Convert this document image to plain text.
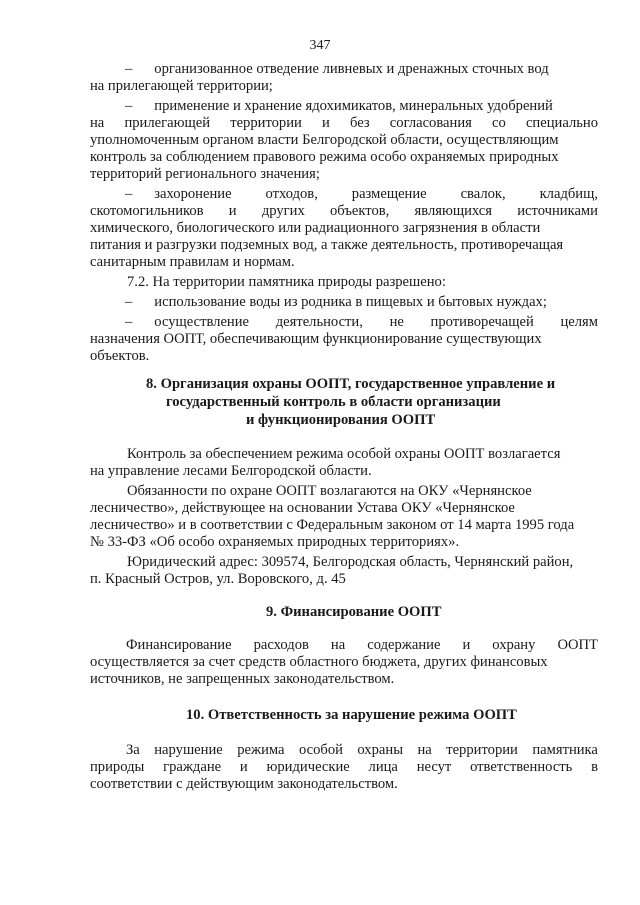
347
– организованное отведение ливневых и дренажных сточных вод
на прилегающей территории;
– применение и хранение ядохимикатов, минеральных удобрений
на прилегающей территории и без согласования со специально
уполномоченным органом власти Белгородской области, осуществляющим
контроль за соблюдением правового режима особо охраняемых природных
территорий регионального значения;
– захоронение отходов, размещение свалок, кладбищ,
скотомогильников и других объектов, являющихся источниками
химического, биологического или радиационного загрязнения в области
питания и разгрузки подземных вод, а также деятельность, противоречащая
санитарным правилам и нормам.
7.2. На территории памятника природы разрешено:
– использование воды из родника в пищевых и бытовых нуждах;
– осуществление деятельности, не противоречащей целям
назначения ООПТ, обеспечивающим функционирование существующих
объектов.
8. Организация охраны ООПТ, государственное управление и
государственный контроль в области организации
и функционирования ООПТ
Контроль за обеспечением режима особой охраны ООПТ возлагается
на управление лесами Белгородской области.
Обязанности по охране ООПТ возлагаются на ОКУ «Чернянское
лесничество», действующее на основании Устава ОКУ «Чернянское
лесничество» и в соответствии с Федеральным законом от 14 марта 1995 года
№ 33-ФЗ «Об особо охраняемых природных территориях».
Юридический адрес: 309574, Белгородская область, Чернянский район,
п. Красный Остров, ул. Воровского, д. 45
9. Финансирование ООПТ
Финансирование расходов на содержание и охрану ООПТ
осуществляется за счет средств областного бюджета, других финансовых
источников, не запрещенных законодательством.
10. Ответственность за нарушение режима ООПТ
За нарушение режима особой охраны на территории памятника
природы граждане и юридические лица несут ответственность в
соответствии с действующим законодательством.
